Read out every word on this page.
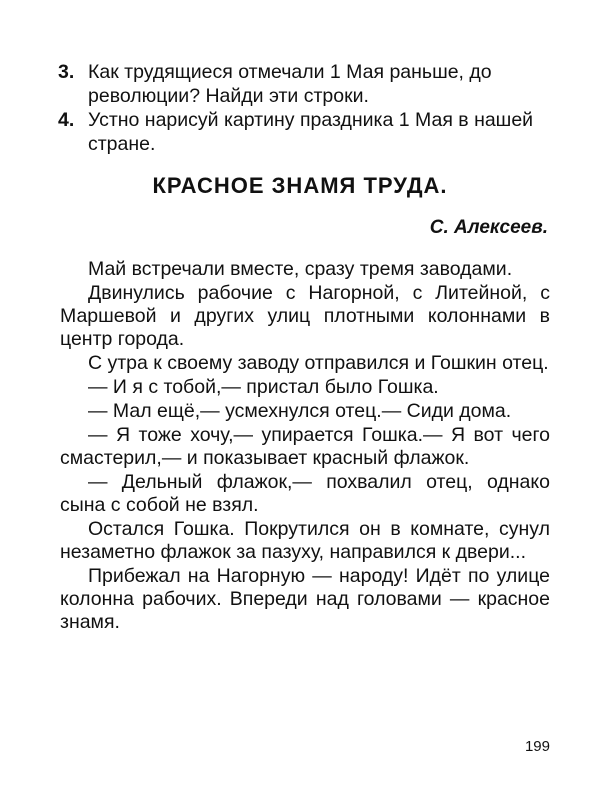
3. Как трудящиеся отмечали 1 Мая раньше, до революции? Найди эти строки.
4. Устно нарисуй картину праздника 1 Мая в нашей стране.
КРАСНОЕ ЗНАМЯ ТРУДА.
С. Алексеев.

Май встречали вместе, сразу тремя заводами.

Двинулись рабочие с Нагорной, с Литейной, с Маршевой и других улиц плотными колоннами в центр города.

С утра к своему заводу отправился и Гошкин отец.

— И я с тобой,— пристал было Гошка.

— Мал ещё,— усмехнулся отец.— Сиди дома.

— Я тоже хочу,— упирается Гошка.— Я вот чего смастерил,— и показывает красный флажок.

— Дельный флажок,— похвалил отец, однако сына с собой не взял.

Остался Гошка. Покрутился он в комнате, сунул незаметно флажок за пазуху, направился к двери...

Прибежал на Нагорную — народу! Идёт по улице колонна рабочих. Впереди над головами — красное знамя.

199
